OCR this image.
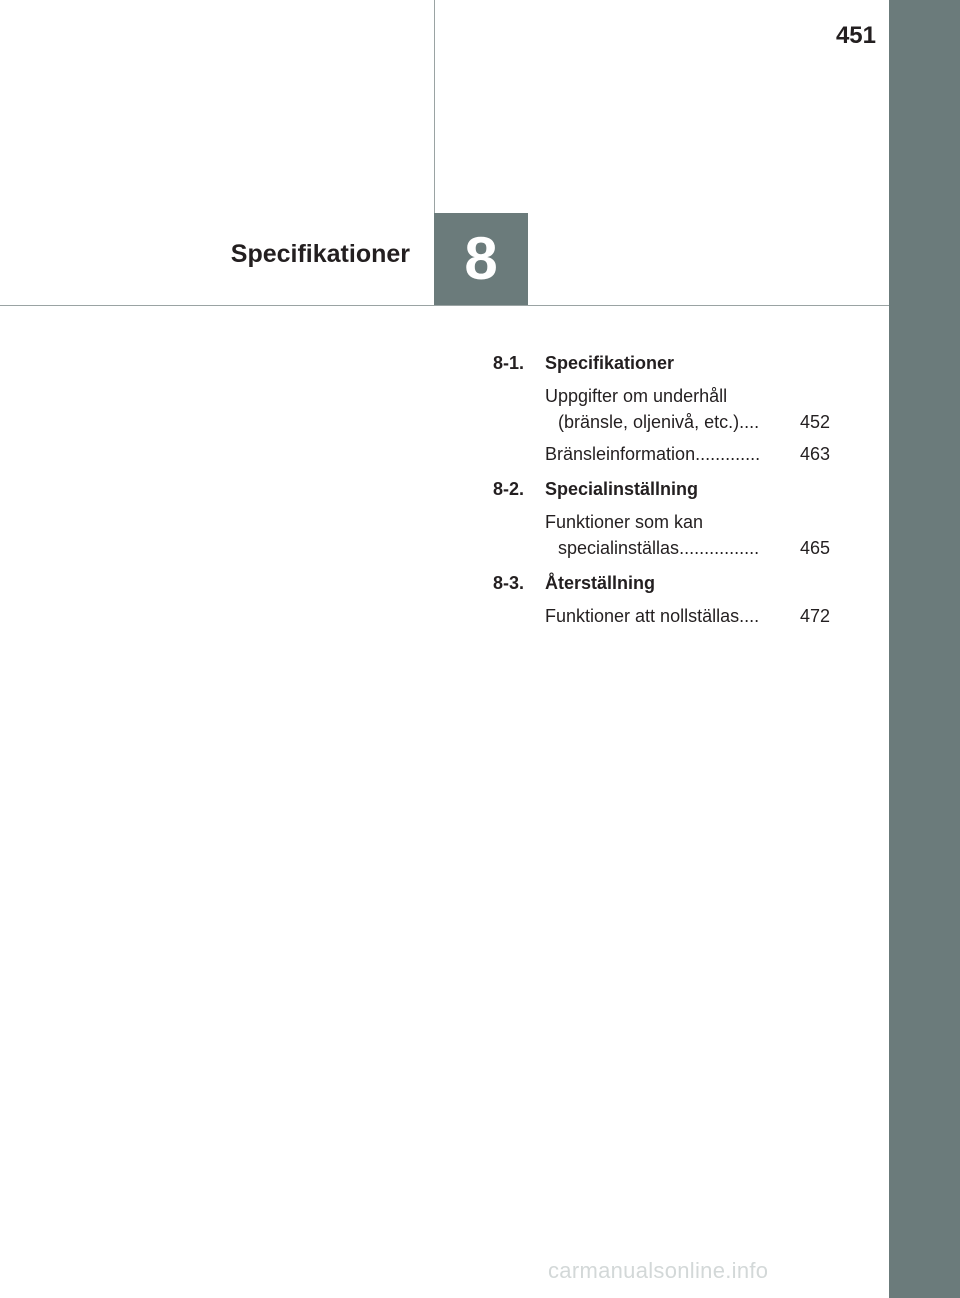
451
Specifikationer 8
8-1.	Specifikationer
Uppgifter om underhåll
(bränsle, oljenivå, etc.) ....	452
Bränsleinformation .............	463
8-2.	Specialinställning
Funktioner som kan
specialinställas ................	465
8-3.	Återställning
Funktioner att nollställas ....	472
carmanualsonline.info
